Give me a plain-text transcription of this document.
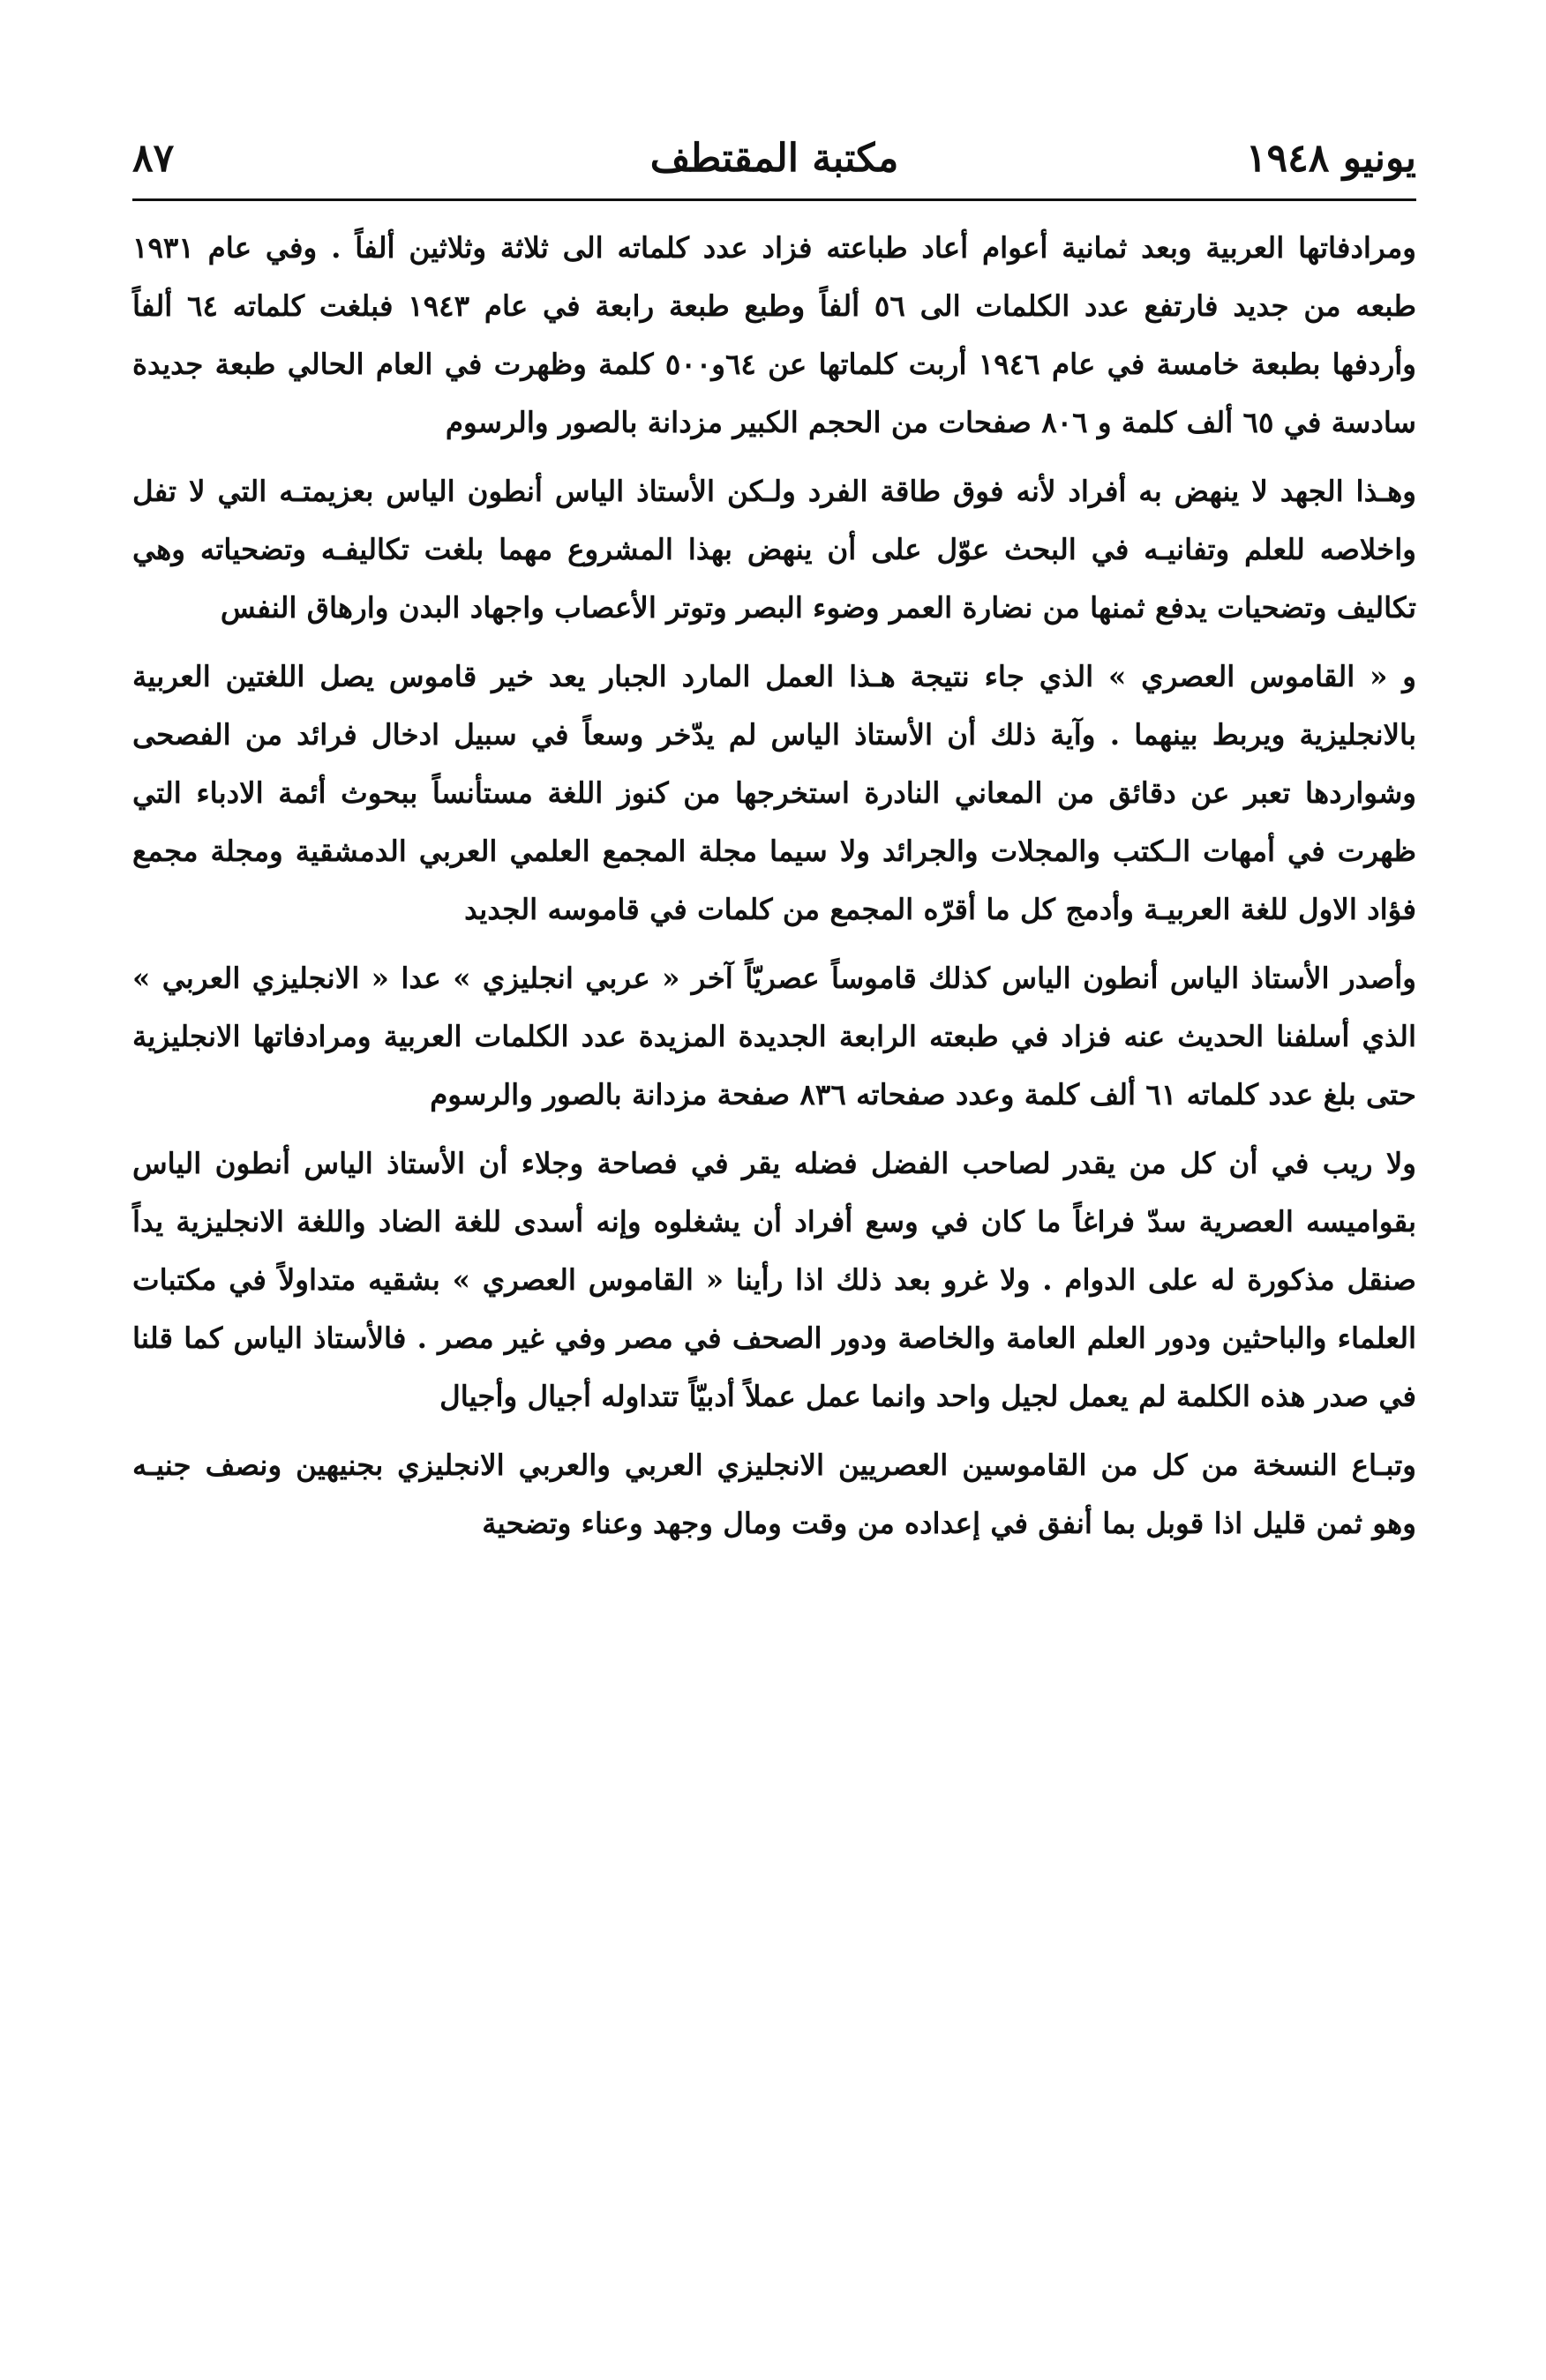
يونيو ١٩٤٨
مكتبة المقتطف
٨٧

ومرادفاتها العربية وبعد ثمانية أعوام أعاد طباعته فزاد عدد كلماته الى ثلاثة وثلاثين ألفاً . وفي عام ١٩٣١ طبعه من جديد فارتفع عدد الكلمات الى ٥٦ ألفاً وطبع طبعة رابعة في عام ١٩٤٣ فبلغت كلماته ٦٤ ألفاً وأردفها بطبعة خامسة في عام ١٩٤٦ أربت كلماتها عن ٦٤و٥٠٠ كلمة وظهرت في العام الحالي طبعة جديدة سادسة في ٦٥ ألف كلمة و ٨٠٦ صفحات من الحجم الكبير مزدانة بالصور والرسوم

وهـذا الجهد لا ينهض به أفراد لأنه فوق طاقة الفرد ولـكن الأستاذ الياس أنطون الياس بعزيمتـه التي لا تفل واخلاصه للعلم وتفانيـه في البحث عوّل على أن ينهض بهذا المشروع مهما بلغت تكاليفـه وتضحياته وهي تكاليف وتضحيات يدفع ثمنها من نضارة العمر وضوء البصر وتوتر الأعصاب واجهاد البدن وارهاق النفس

و « القاموس العصري » الذي جاء نتيجة هـذا العمل المارد الجبار يعد خير قاموس يصل اللغتين العربية بالانجليزية ويربط بينهما . وآية ذلك أن الأستاذ الياس لم يدّخر وسعاً في سبيل ادخال فرائد من الفصحى وشواردها تعبر عن دقائق من المعاني النادرة استخرجها من كنوز اللغة مستأنساً ببحوث أئمة الادباء التي ظهرت في أمهات الـكتب والمجلات والجرائد ولا سيما مجلة المجمع العلمي العربي الدمشقية ومجلة مجمع فؤاد الاول للغة العربيـة وأدمج كل ما أقرّه المجمع من كلمات في قاموسه الجديد

وأصدر الأستاذ الياس أنطون الياس كذلك قاموساً عصريّاً آخر « عربي انجليزي » عدا « الانجليزي العربي » الذي أسلفنا الحديث عنه فزاد في طبعته الرابعة الجديدة المزيدة عدد الكلمات العربية ومرادفاتها الانجليزية حتى بلغ عدد كلماته ٦١ ألف كلمة وعدد صفحاته ٨٣٦ صفحة مزدانة بالصور والرسوم

ولا ريب في أن كل من يقدر لصاحب الفضل فضله يقر في فصاحة وجلاء أن الأستاذ الياس أنطون الياس بقواميسه العصرية سدّ فراغاً ما كان في وسع أفراد أن يشغلوه وإنه أسدى للغة الضاد واللغة الانجليزية يداً صنقل مذكورة له على الدوام . ولا غرو بعد ذلك اذا رأينا « القاموس العصري » بشقيه متداولاً في مكتبات العلماء والباحثين ودور العلم العامة والخاصة ودور الصحف في مصر وفي غير مصر . فالأستاذ الياس كما قلنا في صدر هذه الكلمة لم يعمل لجيل واحد وانما عمل عملاً أدبيّاً تتداوله أجيال وأجيال

وتبـاع النسخة من كل من القاموسين العصريين الانجليزي العربي والعربي الانجليزي بجنيهين ونصف جنيـه وهو ثمن قليل اذا قوبل بما أنفق في إعداده من وقت ومال وجهد وعناء وتضحية
